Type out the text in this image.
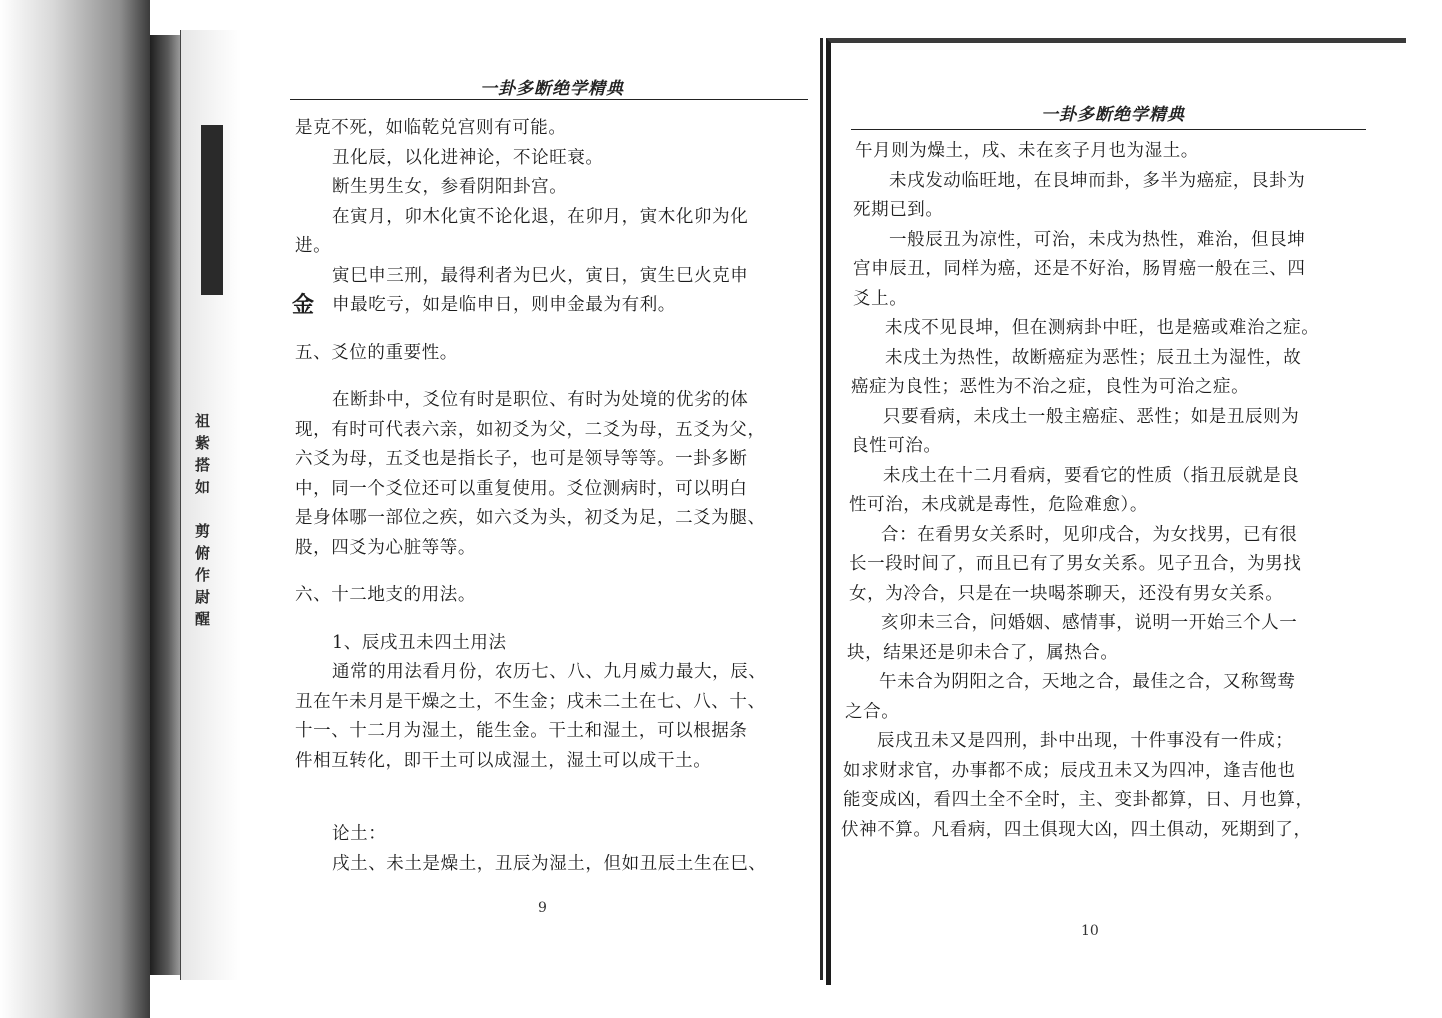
祖
紫
搭
如

剪
俯
作
尉
醒
一卦多断绝学精典
是克不死，如临乾兑宫则有可能。
丑化辰，以化进神论，不论旺衰。
断生男生女，参看阴阳卦宫。
在寅月，卯木化寅不论化退，在卯月，寅木化卯为化
进。
寅巳申三刑，最得利者为巳火，寅日，寅生巳火克申
金 申最吃亏，如是临申日，则申金最为有利。
五、爻位的重要性。
在断卦中，爻位有时是职位、有时为处境的优劣的体
现，有时可代表六亲，如初爻为父，二爻为母，五爻为父，
六爻为母，五爻也是指长子，也可是领导等等。一卦多断
中，同一个爻位还可以重复使用。爻位测病时，可以明白
是身体哪一部位之疾，如六爻为头，初爻为足，二爻为腿、
股，四爻为心脏等等。
六、十二地支的用法。
1、辰戌丑未四土用法
通常的用法看月份，农历七、八、九月威力最大，辰、
丑在午未月是干燥之土，不生金；戌未二土在七、八、十、
十一、十二月为湿土，能生金。干土和湿土，可以根据条
件相互转化，即干土可以成湿土，湿土可以成干土。
论土：
戌土、未土是燥土，丑辰为湿土，但如丑辰土生在巳、
9
一卦多断绝学精典
午月则为燥土，戌、未在亥子月也为湿土。
未戌发动临旺地，在艮坤而卦，多半为癌症，艮卦为
死期已到。
一般辰丑为凉性，可治，未戌为热性，难治，但艮坤
宫申辰丑，同样为癌，还是不好治，肠胃癌一般在三、四
爻上。
未戌不见艮坤，但在测病卦中旺，也是癌或难治之症。
未戌土为热性，故断癌症为恶性；辰丑土为湿性，故
癌症为良性；恶性为不治之症，良性为可治之症。
只要看病，未戌土一般主癌症、恶性；如是丑辰则为
良性可治。
未戌土在十二月看病，要看它的性质（指丑辰就是良
性可治，未戌就是毒性，危险难愈）。
合：在看男女关系时，见卯戌合，为女找男，已有很
长一段时间了，而且已有了男女关系。见子丑合，为男找
女，为冷合，只是在一块喝茶聊天，还没有男女关系。
亥卯未三合，问婚姻、感情事，说明一开始三个人一
块，结果还是卯未合了，属热合。
午未合为阴阳之合，天地之合，最佳之合，又称鸳鸯
之合。
辰戌丑未又是四刑，卦中出现，十件事没有一件成；
如求财求官，办事都不成；辰戌丑未又为四冲，逢吉他也
能变成凶，看四土全不全时，主、变卦都算，日、月也算，
伏神不算。凡看病，四土俱现大凶，四土俱动，死期到了，
10
